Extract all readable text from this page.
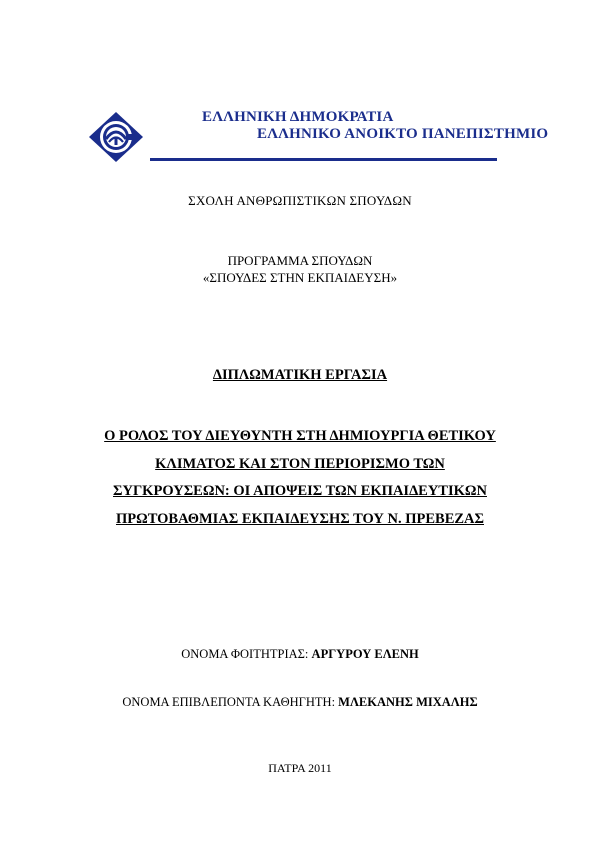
ΕΛΛΗΝΙΚΗ ΔΗΜΟΚΡΑΤΙΑ
ΕΛΛΗΝΙΚΟ ΑΝΟΙΚΤΟ ΠΑΝΕΠΙΣΤΗΜΙΟ
ΣΧΟΛΗ ΑΝΘΡΩΠΙΣΤΙΚΩΝ ΣΠΟΥΔΩΝ
ΠΡΟΓΡΑΜΜΑ ΣΠΟΥΔΩΝ
«ΣΠΟΥΔΕΣ ΣΤΗΝ ΕΚΠΑΙΔΕΥΣΗ»
ΔΙΠΛΩΜΑΤΙΚΗ ΕΡΓΑΣΙΑ
Ο ΡΟΛΟΣ ΤΟΥ ΔΙΕΥΘΥΝΤΗ ΣΤΗ ΔΗΜΙΟΥΡΓΙΑ ΘΕΤΙΚΟΥ
ΚΛΙΜΑΤΟΣ ΚΑΙ ΣΤΟΝ ΠΕΡΙΟΡΙΣΜΟ ΤΩΝ
ΣΥΓΚΡΟΥΣΕΩΝ: ΟΙ ΑΠΟΨΕΙΣ ΤΩΝ ΕΚΠΑΙΔΕΥΤΙΚΩΝ
ΠΡΩΤΟΒΑΘΜΙΑΣ ΕΚΠΑΙΔΕΥΣΗΣ ΤΟΥ Ν. ΠΡΕΒΕΖΑΣ
ΟΝΟΜΑ ΦΟΙΤΗΤΡΙΑΣ: ΑΡΓΥΡΟΥ ΕΛΕΝΗ
ΟΝΟΜΑ ΕΠΙΒΛΕΠΟΝΤΑ ΚΑΘΗΓΗΤΗ: ΜΛΕΚΑΝΗΣ ΜΙΧΑΛΗΣ
ΠΑΤΡΑ 2011
